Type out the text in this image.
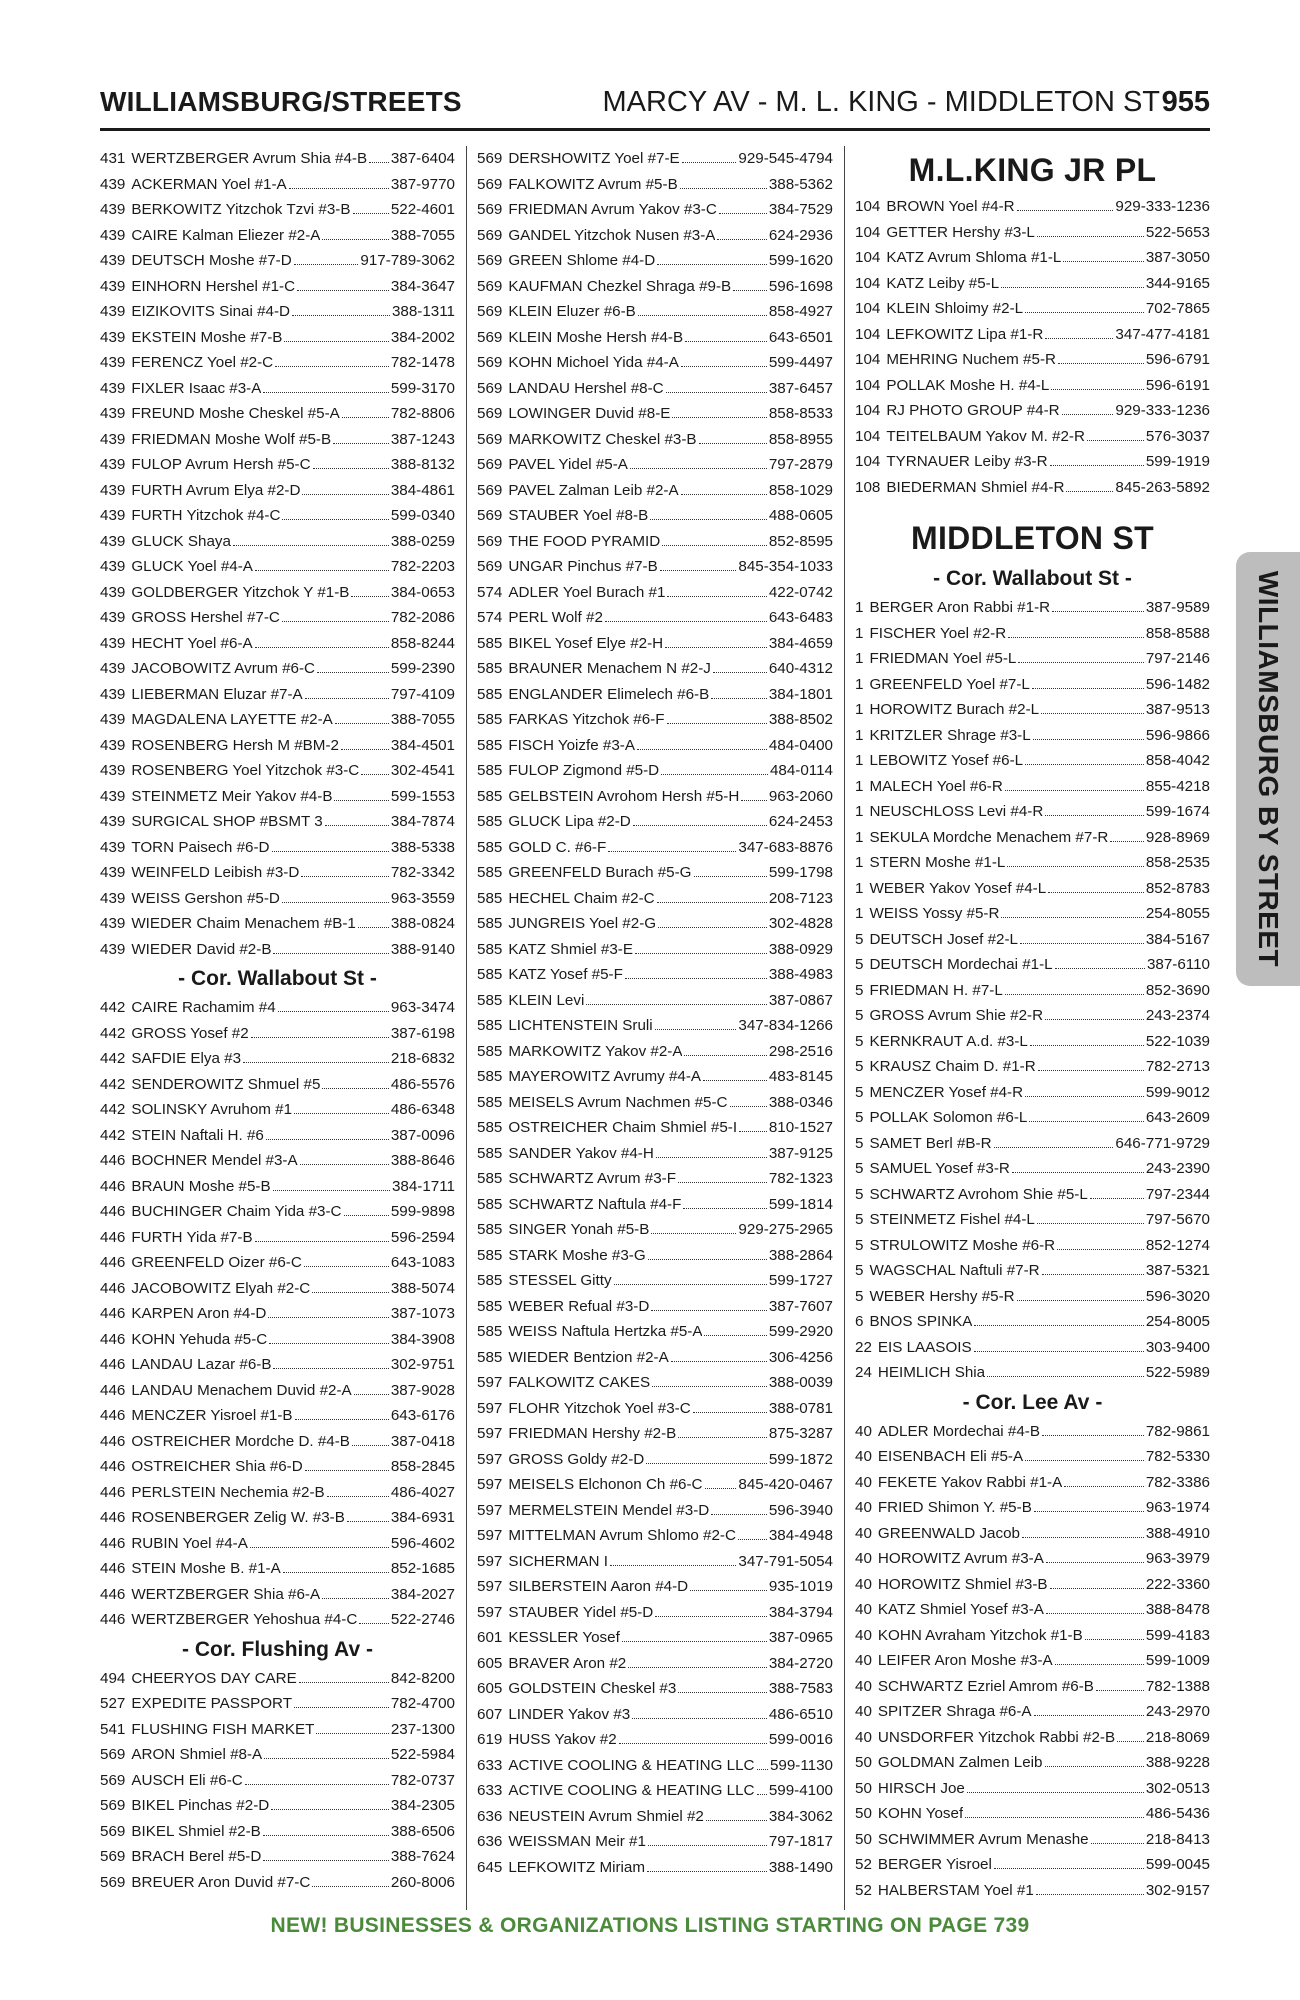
WILLIAMSBURG/STREETS	MARCY AV - M. L. KING - MIDDLETON ST 955
431 WERTZBERGER Avrum Shia #4-B 387-6404
439 ACKERMAN Yoel #1-A	387-9770
439 BERKOWITZ Yitzchok Tzvi #3-B	522-4601
439 CAIRE Kalman Eliezer #2-A	388-7055
439 DEUTSCH Moshe #7-D	917-789-3062
439 EINHORN Hershel #1-C	384-3647
439 EIZIKOVITS Sinai #4-D	388-1311
439 EKSTEIN Moshe #7-B	384-2002
439 FERENCZ Yoel #2-C	782-1478
439 FIXLER Isaac #3-A	599-3170
439 FREUND Moshe Cheskel #5-A	782-8806
439 FRIEDMAN Moshe Wolf #5-B	387-1243
439 FULOP Avrum Hersh #5-C	388-8132
439 FURTH Avrum Elya #2-D	384-4861
439 FURTH Yitzchok #4-C	599-0340
439 GLUCK Shaya	388-0259
439 GLUCK Yoel #4-A	782-2203
439 GOLDBERGER Yitzchok Y #1-B	384-0653
439 GROSS Hershel #7-C	782-2086
439 HECHT Yoel #6-A	858-8244
439 JACOBOWITZ Avrum #6-C	599-2390
439 LIEBERMAN Eluzar #7-A	797-4109
439 MAGDALENA LAYETTE #2-A	388-7055
439 ROSENBERG Hersh M #BM-2	384-4501
439 ROSENBERG Yoel Yitzchok #3-C 302-4541
439 STEINMETZ Meir Yakov #4-B	599-1553
439 SURGICAL SHOP #BSMT 3	384-7874
439 TORN Paisech #6-D	388-5338
439 WEINFELD Leibish #3-D	782-3342
439 WEISS Gershon #5-D	963-3559
439 WIEDER Chaim Menachem #B-1 388-0824
439 WIEDER David #2-B	388-9140
- Cor. Wallabout St -
442 CAIRE Rachamim #4	963-3474
442 GROSS Yosef #2	387-6198
442 SAFDIE Elya #3	218-6832
442 SENDEROWITZ Shmuel #5	486-5576
442 SOLINSKY Avruhom #1	486-6348
442 STEIN Naftali H. #6	387-0096
446 BOCHNER Mendel #3-A	388-8646
446 BRAUN Moshe #5-B	384-1711
446 BUCHINGER Chaim Yida #3-C	599-9898
446 FURTH Yida #7-B	596-2594
446 GREENFELD Oizer #6-C	643-1083
446 JACOBOWITZ Elyah #2-C	388-5074
446 KARPEN Aron #4-D	387-1073
446 KOHN Yehuda #5-C	384-3908
446 LANDAU Lazar #6-B	302-9751
446 LANDAU Menachem Duvid #2-A	387-9028
446 MENCZER Yisroel #1-B	643-6176
446 OSTREICHER Mordche D. #4-B	387-0418
446 OSTREICHER Shia #6-D	858-2845
446 PERLSTEIN Nechemia #2-B	486-4027
446 ROSENBERGER Zelig W. #3-B	384-6931
446 RUBIN Yoel #4-A	596-4602
446 STEIN Moshe B. #1-A	852-1685
446 WERTZBERGER Shia #6-A	384-2027
446 WERTZBERGER Yehoshua #4-C 522-2746
- Cor. Flushing Av -
494 CHEERYOS DAY CARE	842-8200
527 EXPEDITE PASSPORT	782-4700
541 FLUSHING FISH MARKET	237-1300
569 ARON Shmiel #8-A	522-5984
569 AUSCH Eli #6-C	782-0737
569 BIKEL Pinchas #2-D	384-2305
569 BIKEL Shmiel #2-B	388-6506
569 BRACH Berel #5-D	388-7624
569 BREUER Aron Duvid #7-C	260-8006
569 DERSHOWITZ Yoel #7-E	929-545-4794
569 FALKOWITZ Avrum #5-B	388-5362
569 FRIEDMAN Avrum Yakov #3-C	384-7529
569 GANDEL Yitzchok Nusen #3-A	624-2936
569 GREEN Shlome #4-D	599-1620
569 KAUFMAN Chezkel Shraga #9-B 596-1698
569 KLEIN Eluzer #6-B	858-4927
569 KLEIN Moshe Hersh #4-B	643-6501
569 KOHN Michoel Yida #4-A	599-4497
569 LANDAU Hershel #8-C	387-6457
569 LOWINGER Duvid #8-E	858-8533
569 MARKOWITZ Cheskel #3-B	858-8955
569 PAVEL Yidel #5-A	797-2879
569 PAVEL Zalman Leib #2-A	858-1029
569 STAUBER Yoel #8-B	488-0605
569 THE FOOD PYRAMID	852-8595
569 UNGAR Pinchus #7-B	845-354-1033
574 ADLER Yoel Burach #1	422-0742
574 PERL Wolf #2	643-6483
585 BIKEL Yosef Elye #2-H	384-4659
585 BRAUNER Menachem N #2-J	640-4312
585 ENGLANDER Elimelech #6-B	384-1801
585 FARKAS Yitzchok #6-F	388-8502
585 FISCH Yoizfe #3-A	484-0400
585 FULOP Zigmond #5-D	484-0114
585 GELBSTEIN Avrohom Hersh #5-H 963-2060
585 GLUCK Lipa #2-D	624-2453
585 GOLD C. #6-F	347-683-8876
585 GREENFELD Burach #5-G	599-1798
585 HECHEL Chaim #2-C	208-7123
585 JUNGREIS Yoel #2-G	302-4828
585 KATZ Shmiel #3-E	388-0929
585 KATZ Yosef #5-F	388-4983
585 KLEIN Levi	387-0867
585 LICHTENSTEIN Sruli	347-834-1266
585 MARKOWITZ Yakov #2-A	298-2516
585 MAYEROWITZ Avrumy #4-A	483-8145
585 MEISELS Avrum Nachmen #5-C	388-0346
585 OSTREICHER Chaim Shmiel #5-I 810-1527
585 SANDER Yakov #4-H	387-9125
585 SCHWARTZ Avrum #3-F	782-1323
585 SCHWARTZ Naftula #4-F	599-1814
585 SINGER Yonah #5-B	929-275-2965
585 STARK Moshe #3-G	388-2864
585 STESSEL Gitty	599-1727
585 WEBER Refual #3-D	387-7607
585 WEISS Naftula Hertzka #5-A	599-2920
585 WIEDER Bentzion #2-A	306-4256
597 FALKOWITZ CAKES	388-0039
597 FLOHR Yitzchok Yoel #3-C	388-0781
597 FRIEDMAN Hershy #2-B	875-3287
597 GROSS Goldy #2-D	599-1872
597 MEISELS Elchonon Ch #6-C 845-420-0467
597 MERMELSTEIN Mendel #3-D	596-3940
597 MITTELMAN Avrum Shlomo #2-C 384-4948
597 SICHERMAN I	347-791-5054
597 SILBERSTEIN Aaron #4-D	935-1019
597 STAUBER Yidel #5-D	384-3794
601 KESSLER Yosef	387-0965
605 BRAVER Aron #2	384-2720
605 GOLDSTEIN Cheskel #3	388-7583
607 LINDER Yakov #3	486-6510
619 HUSS Yakov #2	599-0016
633 ACTIVE COOLING & HEATING LLC 599-1130
633 ACTIVE COOLING & HEATING LLC 599-4100
636 NEUSTEIN Avrum Shmiel #2	384-3062
636 WEISSMAN Meir #1	797-1817
645 LEFKOWITZ Miriam	388-1490
M.L.KING JR PL
104 BROWN Yoel #4-R	929-333-1236
104 GETTER Hershy #3-L	522-5653
104 KATZ Avrum Shloma #1-L	387-3050
104 KATZ Leiby #5-L	344-9165
104 KLEIN Shloimy #2-L	702-7865
104 LEFKOWITZ Lipa #1-R	347-477-4181
104 MEHRING Nuchem #5-R	596-6791
104 POLLAK Moshe H. #4-L	596-6191
104 RJ PHOTO GROUP #4-R	929-333-1236
104 TEITELBAUM Yakov M. #2-R	576-3037
104 TYRNAUER Leiby #3-R	599-1919
108 BIEDERMAN Shmiel #4-R	845-263-5892
MIDDLETON ST
- Cor. Wallabout St -
1 BERGER Aron Rabbi #1-R	387-9589
1 FISCHER Yoel #2-R	858-8588
1 FRIEDMAN Yoel #5-L	797-2146
1 GREENFELD Yoel #7-L	596-1482
1 HOROWITZ Burach #2-L	387-9513
1 KRITZLER Shrage #3-L	596-9866
1 LEBOWITZ Yosef #6-L	858-4042
1 MALECH Yoel #6-R	855-4218
1 NEUSCHLOSS Levi #4-R	599-1674
1 SEKULA Mordche Menachem #7-R 928-8969
1 STERN Moshe #1-L	858-2535
1 WEBER Yakov Yosef #4-L	852-8783
1 WEISS Yossy #5-R	254-8055
5 DEUTSCH Josef #2-L	384-5167
5 DEUTSCH Mordechai #1-L	387-6110
5 FRIEDMAN H. #7-L	852-3690
5 GROSS Avrum Shie #2-R	243-2374
5 KERNKRAUT A.d. #3-L	522-1039
5 KRAUSZ Chaim D. #1-R	782-2713
5 MENCZER Yosef #4-R	599-9012
5 POLLAK Solomon #6-L	643-2609
5 SAMET Berl #B-R	646-771-9729
5 SAMUEL Yosef #3-R	243-2390
5 SCHWARTZ Avrohom Shie #5-L	797-2344
5 STEINMETZ Fishel #4-L	797-5670
5 STRULOWITZ Moshe #6-R	852-1274
5 WAGSCHAL Naftuli #7-R	387-5321
5 WEBER Hershy #5-R	596-3020
6 BNOS SPINKA	254-8005
22 EIS LAASOIS	303-9400
24 HEIMLICH Shia	522-5989
- Cor. Lee Av -
40 ADLER Mordechai #4-B	782-9861
40 EISENBACH Eli #5-A	782-5330
40 FEKETE Yakov Rabbi #1-A	782-3386
40 FRIED Shimon Y. #5-B	963-1974
40 GREENWALD Jacob	388-4910
40 HOROWITZ Avrum #3-A	963-3979
40 HOROWITZ Shmiel #3-B	222-3360
40 KATZ Shmiel Yosef #3-A	388-8478
40 KOHN Avraham Yitzchok #1-B	599-4183
40 LEIFER Aron Moshe #3-A	599-1009
40 SCHWARTZ Ezriel Amrom #6-B	782-1388
40 SPITZER Shraga #6-A	243-2970
40 UNSDORFER Yitzchok Rabbi #2-B 218-8069
50 GOLDMAN Zalmen Leib	388-9228
50 HIRSCH Joe	302-0513
50 KOHN Yosef	486-5436
50 SCHWIMMER Avrum Menashe	218-8413
52 BERGER Yisroel	599-0045
52 HALBERSTAM Yoel #1	302-9157
WILLIAMSBURG BY STREET
NEW! BUSINESSES & ORGANIZATIONS LISTING STARTING ON PAGE 739
